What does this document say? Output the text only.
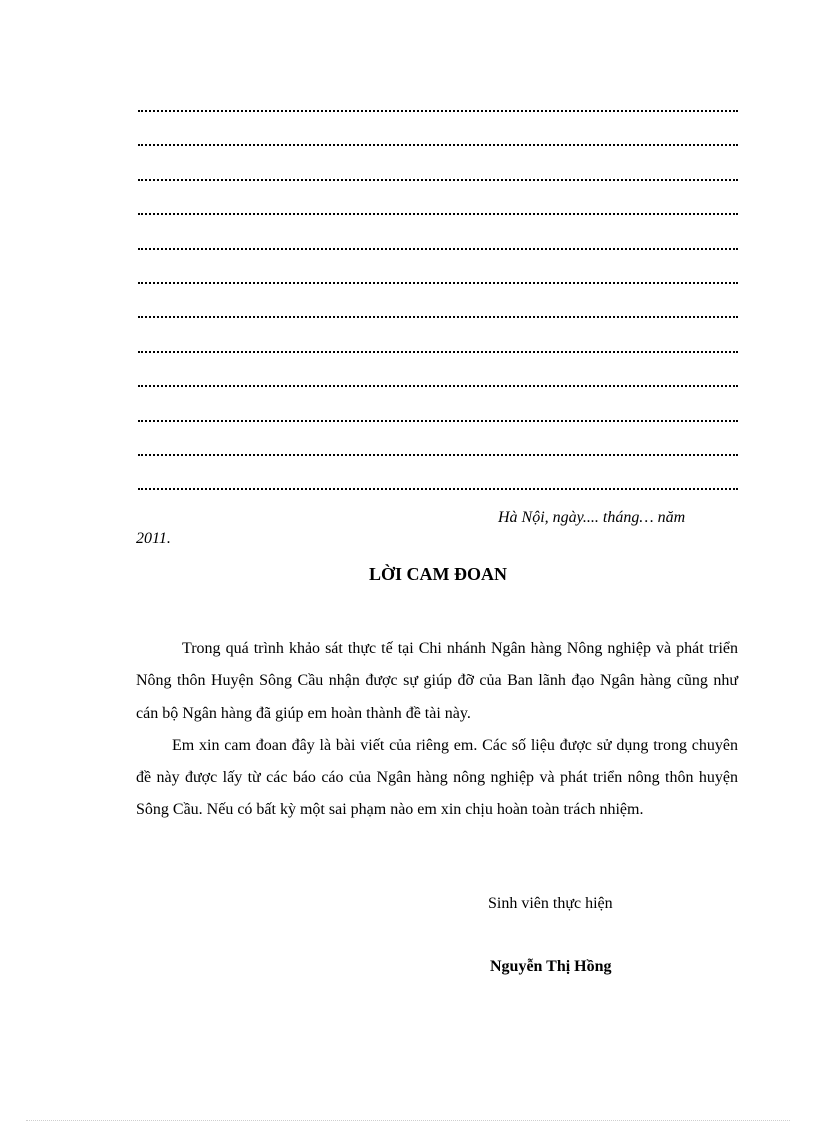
Hà Nội, ngày.... tháng… năm
2011.
LỜI CAM ĐOAN

Trong quá trình khảo sát thực tế tại Chi nhánh Ngân hàng Nông nghiệp và phát triển Nông thôn Huyện Sông Cầu nhận được sự giúp đỡ của Ban lãnh đạo Ngân hàng cũng như cán bộ Ngân hàng đã giúp em hoàn thành đề tài này.

Em xin cam đoan đây là bài viết của riêng em. Các số liệu được sử dụng trong chuyên đề này được lấy từ các báo cáo của Ngân hàng nông nghiệp và phát triển nông thôn huyện Sông Cầu. Nếu có bất kỳ một sai phạm nào em xin chịu hoàn toàn trách nhiệm.

Sinh viên thực hiện
Nguyễn Thị Hồng
